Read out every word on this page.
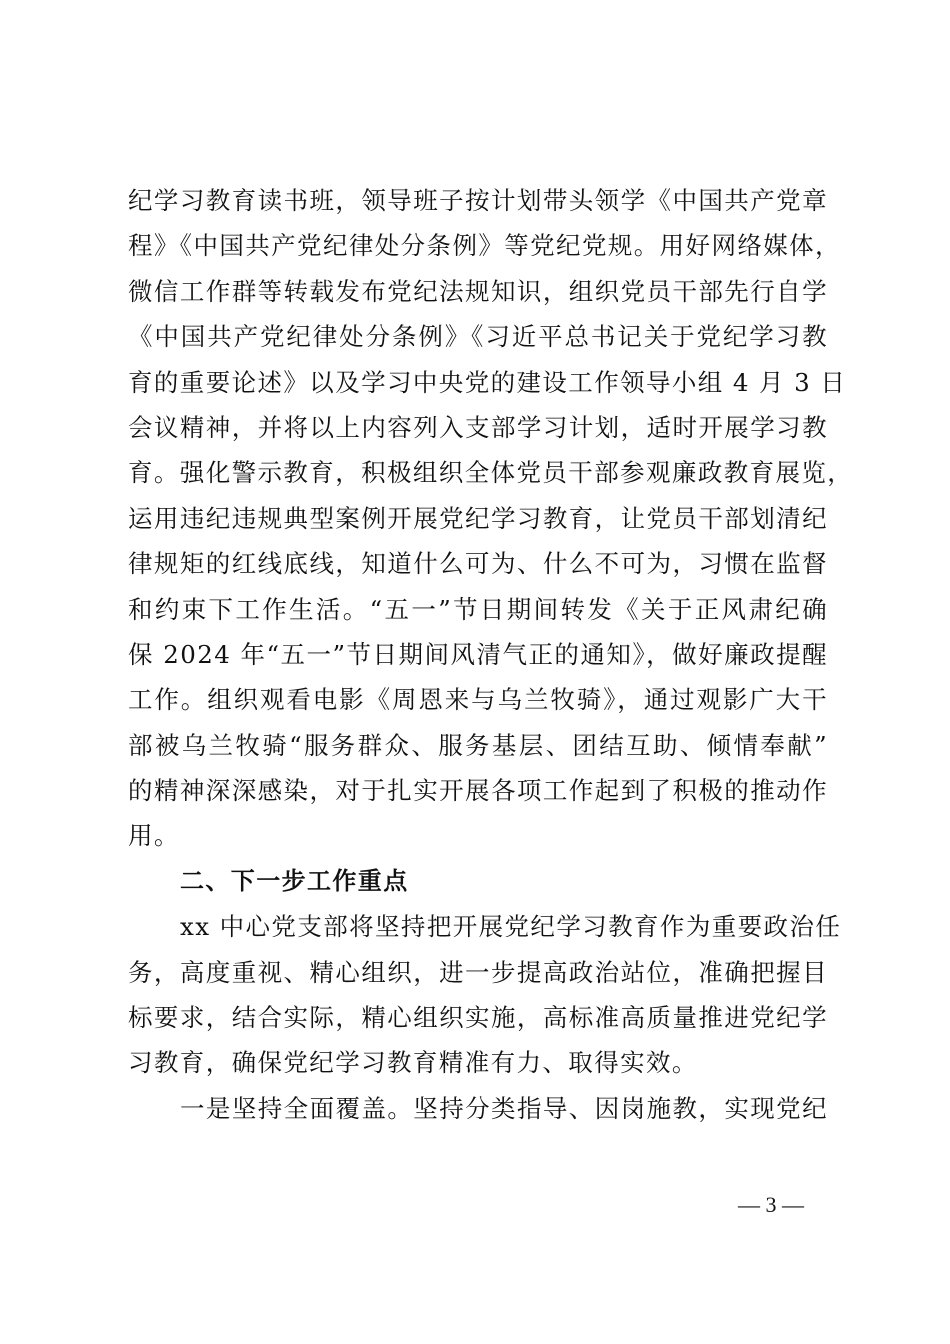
纪学习教育读书班，领导班子按计划带头领学《中国共产党章
程》《中国共产党纪律处分条例》等党纪党规。用好网络媒体，
微信工作群等转载发布党纪法规知识，组织党员干部先行自学
《中国共产党纪律处分条例》《习近平总书记关于党纪学习教
育的重要论述》以及学习中央党的建设工作领导小组 4 月 3 日
会议精神，并将以上内容列入支部学习计划，适时开展学习教
育。强化警示教育，积极组织全体党员干部参观廉政教育展览，
运用违纪违规典型案例开展党纪学习教育，让党员干部划清纪
律规矩的红线底线，知道什么可为、什么不可为，习惯在监督
和约束下工作生活。“五一”节日期间转发《关于正风肃纪确
保 2024 年“五一”节日期间风清气正的通知》，做好廉政提醒
工作。组织观看电影《周恩来与乌兰牧骑》，通过观影广大干
部被乌兰牧骑“服务群众、服务基层、团结互助、倾情奉献”
的精神深深感染，对于扎实开展各项工作起到了积极的推动作
用。
二、下一步工作重点
xx 中心党支部将坚持把开展党纪学习教育作为重要政治任
务，高度重视、精心组织，进一步提高政治站位，准确把握目
标要求，结合实际，精心组织实施，高标准高质量推进党纪学
习教育，确保党纪学习教育精准有力、取得实效。
一是坚持全面覆盖。坚持分类指导、因岗施教，实现党纪
— 3 —
